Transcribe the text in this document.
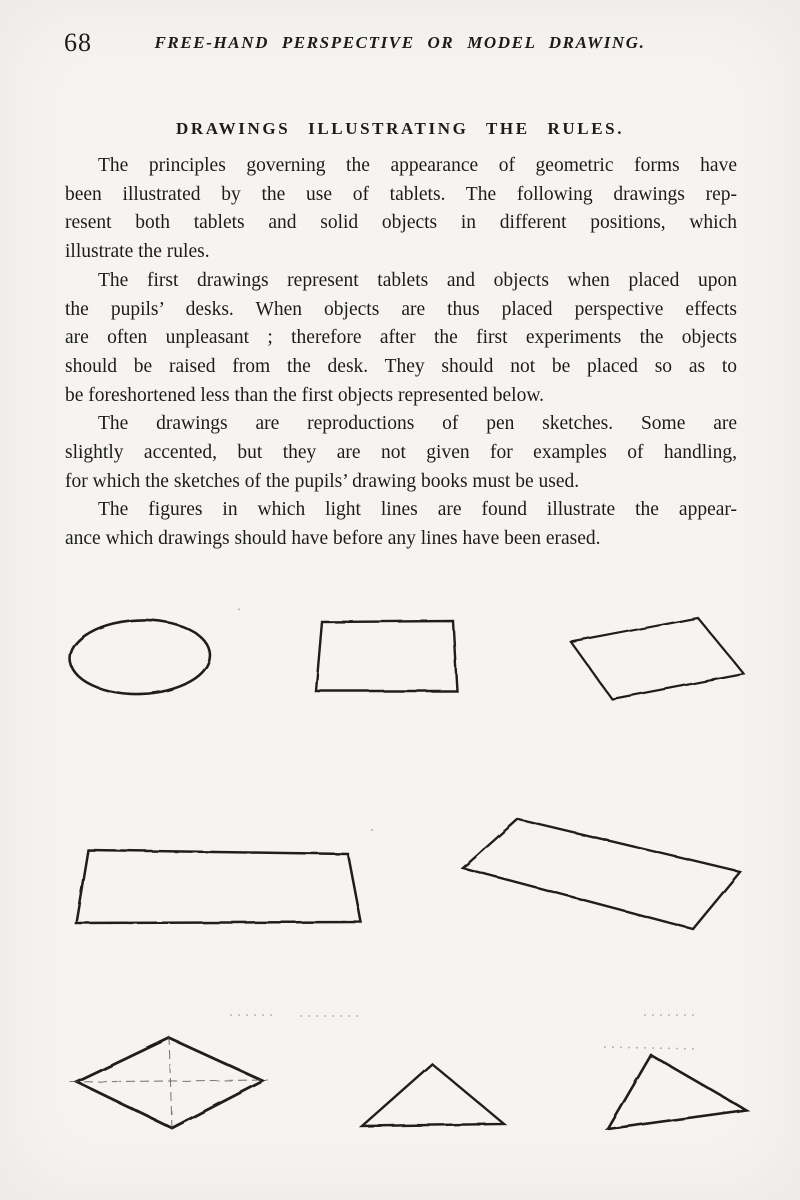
68	FREE-HAND PERSPECTIVE OR MODEL DRAWING.
DRAWINGS ILLUSTRATING THE RULES.
The principles governing the appearance of geometric forms have
been illustrated by the use of tablets. The following drawings rep-
resent both tablets and solid objects in different positions, which
illustrate the rules.
The first drawings represent tablets and objects when placed upon
the pupils’ desks. When objects are thus placed perspective effects
are often unpleasant ; therefore after the first experiments the objects
should be raised from the desk. They should not be placed so as to
be foreshortened less than the first objects represented below.
The drawings are reproductions of pen sketches. Some are
slightly accented, but they are not given for examples of handling,
for which the sketches of the pupils’ drawing books must be used.
The figures in which light lines are found illustrate the appear-
ance which drawings should have before any lines have been erased.
